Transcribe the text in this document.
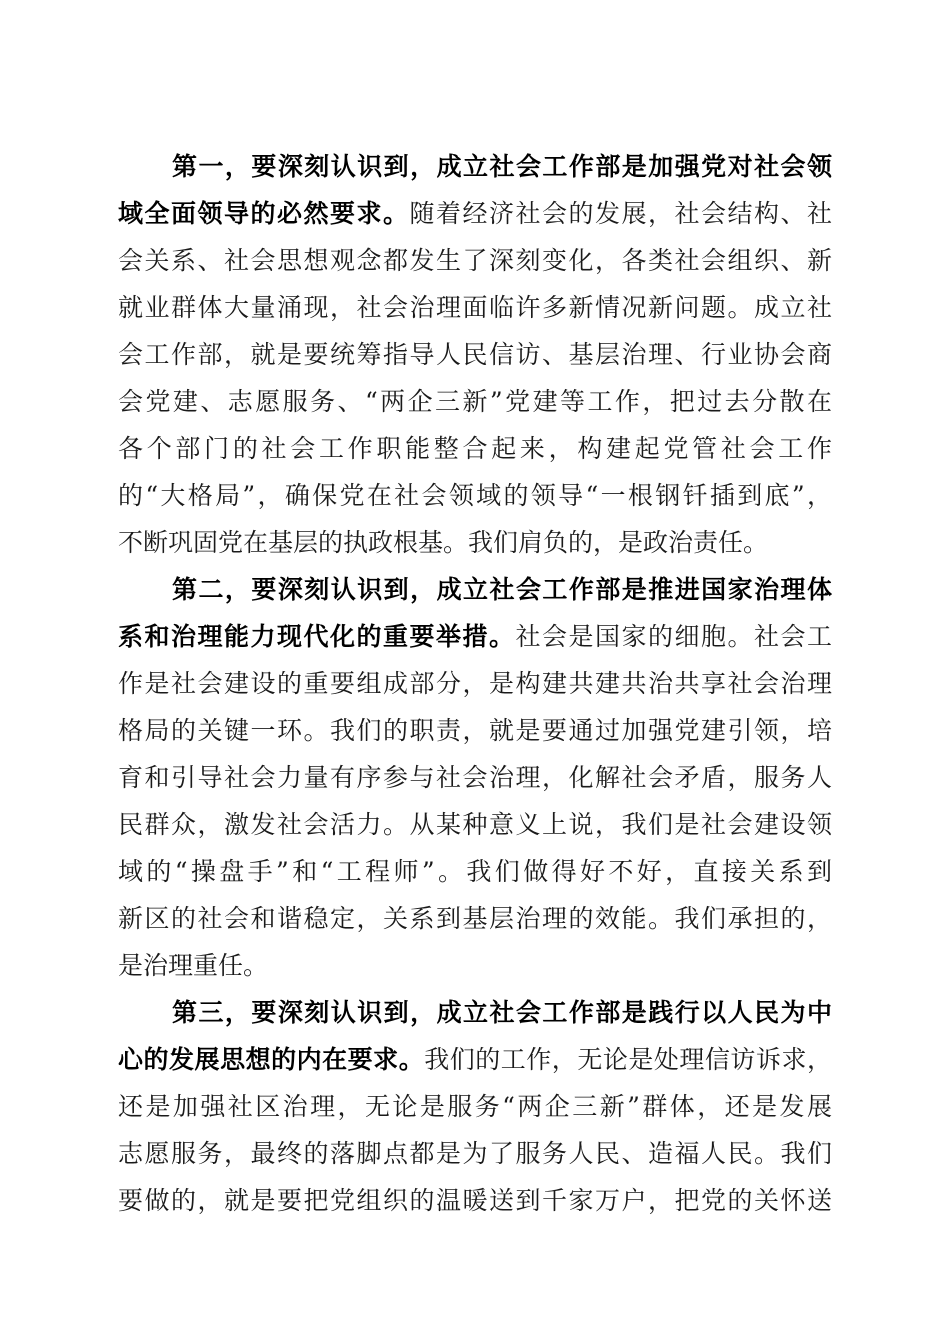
第一，要深刻认识到，成立社会工作部是加强党对社会领
域全面领导的必然要求。随着经济社会的发展，社会结构、社
会关系、社会思想观念都发生了深刻变化，各类社会组织、新
就业群体大量涌现，社会治理面临许多新情况新问题。成立社
会工作部，就是要统筹指导人民信访、基层治理、行业协会商
会党建、志愿服务、“两企三新”党建等工作，把过去分散在
各个部门的社会工作职能整合起来，构建起党管社会工作
的“大格局”，确保党在社会领域的领导“一根钢钎插到底”，
不断巩固党在基层的执政根基。我们肩负的，是政治责任。
第二，要深刻认识到，成立社会工作部是推进国家治理体
系和治理能力现代化的重要举措。社会是国家的细胞。社会工
作是社会建设的重要组成部分，是构建共建共治共享社会治理
格局的关键一环。我们的职责，就是要通过加强党建引领，培
育和引导社会力量有序参与社会治理，化解社会矛盾，服务人
民群众，激发社会活力。从某种意义上说，我们是社会建设领
域的“操盘手”和“工程师”。我们做得好不好，直接关系到
新区的社会和谐稳定，关系到基层治理的效能。我们承担的，
是治理重任。
第三，要深刻认识到，成立社会工作部是践行以人民为中
心的发展思想的内在要求。我们的工作，无论是处理信访诉求，
还是加强社区治理，无论是服务“两企三新”群体，还是发展
志愿服务，最终的落脚点都是为了服务人民、造福人民。我们
要做的，就是要把党组织的温暖送到千家万户，把党的关怀送
